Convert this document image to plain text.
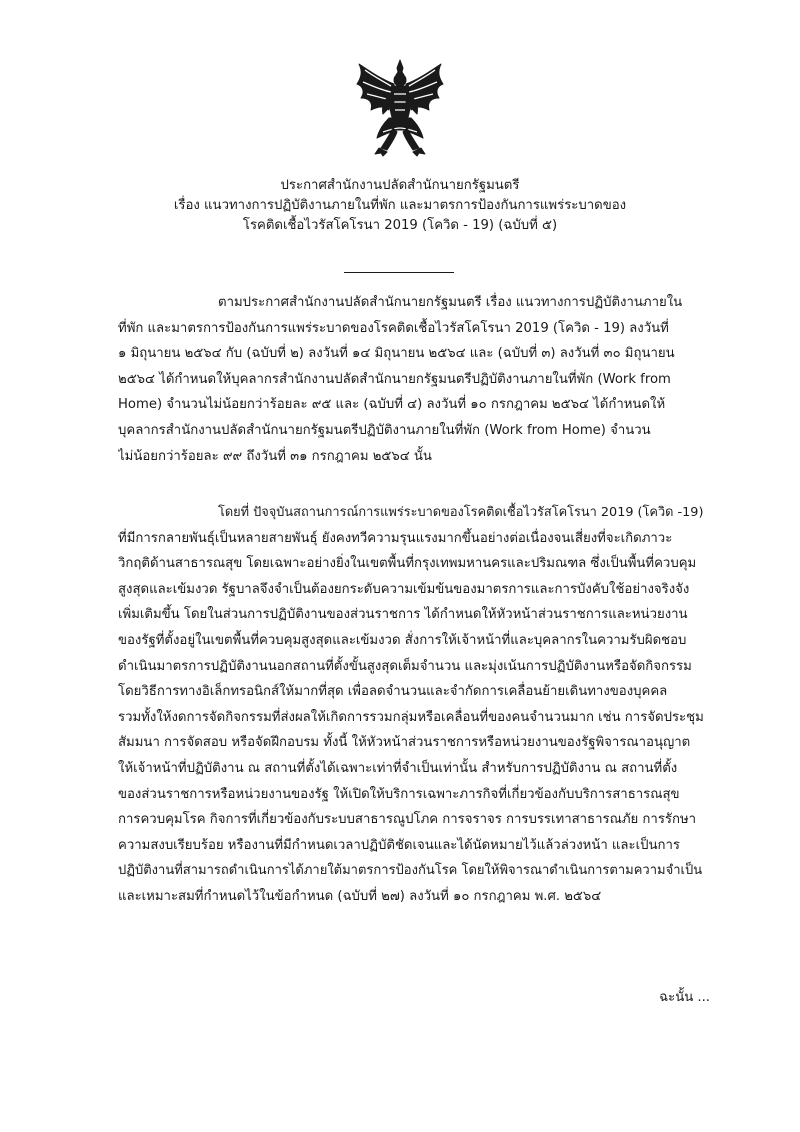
ประกาศสำนักงานปลัดสำนักนายกรัฐมนตรี
เรื่อง แนวทางการปฏิบัติงานภายในที่พัก และมาตรการป้องกันการแพร่ระบาดของ
โรคติดเชื้อไวรัสโคโรนา 2019 (โควิด - 19) (ฉบับที่ ๕)
ตามประกาศสำนักงานปลัดสำนักนายกรัฐมนตรี เรื่อง แนวทางการปฏิบัติงานภายใน
ที่พัก และมาตรการป้องกันการแพร่ระบาดของโรคติดเชื้อไวรัสโคโรนา 2019 (โควิด - 19) ลงวันที่
๑ มิถุนายน ๒๕๖๔ กับ (ฉบับที่ ๒) ลงวันที่ ๑๔ มิถุนายน ๒๕๖๔ และ (ฉบับที่ ๓) ลงวันที่ ๓๐ มิถุนายน
๒๕๖๔ ได้กำหนดให้บุคลากรสำนักงานปลัดสำนักนายกรัฐมนตรีปฏิบัติงานภายในที่พัก (Work from
Home) จำนวนไม่น้อยกว่าร้อยละ ๙๕ และ (ฉบับที่ ๔) ลงวันที่ ๑๐ กรกฎาคม ๒๕๖๔ ได้กำหนดให้
บุคลากรสำนักงานปลัดสำนักนายกรัฐมนตรีปฏิบัติงานภายในที่พัก (Work from Home) จำนวน
ไม่น้อยกว่าร้อยละ ๙๙ ถึงวันที่ ๓๑ กรกฎาคม ๒๕๖๔ นั้น
โดยที่ ปัจจุบันสถานการณ์การแพร่ระบาดของโรคติดเชื้อไวรัสโคโรนา 2019 (โควิด -19)
ที่มีการกลายพันธุ์เป็นหลายสายพันธุ์ ยังคงทวีความรุนแรงมากขึ้นอย่างต่อเนื่องจนเสี่ยงที่จะเกิดภาวะ
วิกฤติด้านสาธารณสุข โดยเฉพาะอย่างยิ่งในเขตพื้นที่กรุงเทพมหานครและปริมณฑล ซึ่งเป็นพื้นที่ควบคุม
สูงสุดและเข้มงวด รัฐบาลจึงจำเป็นต้องยกระดับความเข้มข้นของมาตรการและการบังคับใช้อย่างจริงจัง
เพิ่มเติมขึ้น โดยในส่วนการปฏิบัติงานของส่วนราชการ ได้กำหนดให้หัวหน้าส่วนราชการและหน่วยงาน
ของรัฐที่ตั้งอยู่ในเขตพื้นที่ควบคุมสูงสุดและเข้มงวด สั่งการให้เจ้าหน้าที่และบุคลากรในความรับผิดชอบ
ดำเนินมาตรการปฏิบัติงานนอกสถานที่ตั้งขั้นสูงสุดเต็มจำนวน และมุ่งเน้นการปฏิบัติงานหรือจัดกิจกรรม
โดยวิธีการทางอิเล็กทรอนิกส์ให้มากที่สุด เพื่อลดจำนวนและจำกัดการเคลื่อนย้ายเดินทางของบุคคล
รวมทั้งให้งดการจัดกิจกรรมที่ส่งผลให้เกิดการรวมกลุ่มหรือเคลื่อนที่ของคนจำนวนมาก เช่น การจัดประชุม
สัมมนา การจัดสอบ หรือจัดฝึกอบรม ทั้งนี้ ให้หัวหน้าส่วนราชการหรือหน่วยงานของรัฐพิจารณาอนุญาต
ให้เจ้าหน้าที่ปฏิบัติงาน ณ สถานที่ตั้งได้เฉพาะเท่าที่จำเป็นเท่านั้น สำหรับการปฏิบัติงาน ณ สถานที่ตั้ง
ของส่วนราชการหรือหน่วยงานของรัฐ ให้เปิดให้บริการเฉพาะภารกิจที่เกี่ยวข้องกับบริการสาธารณสุข
การควบคุมโรค กิจการที่เกี่ยวข้องกับระบบสาธารณูปโภค การจราจร การบรรเทาสาธารณภัย การรักษา
ความสงบเรียบร้อย หรืองานที่มีกำหนดเวลาปฏิบัติชัดเจนและได้นัดหมายไว้แล้วล่วงหน้า และเป็นการ
ปฏิบัติงานที่สามารถดำเนินการได้ภายใต้มาตรการป้องกันโรค โดยให้พิจารณาดำเนินการตามความจำเป็น
และเหมาะสมที่กำหนดไว้ในข้อกำหนด (ฉบับที่ ๒๗) ลงวันที่ ๑๐ กรกฎาคม พ.ศ. ๒๕๖๔
ฉะนั้น ...
